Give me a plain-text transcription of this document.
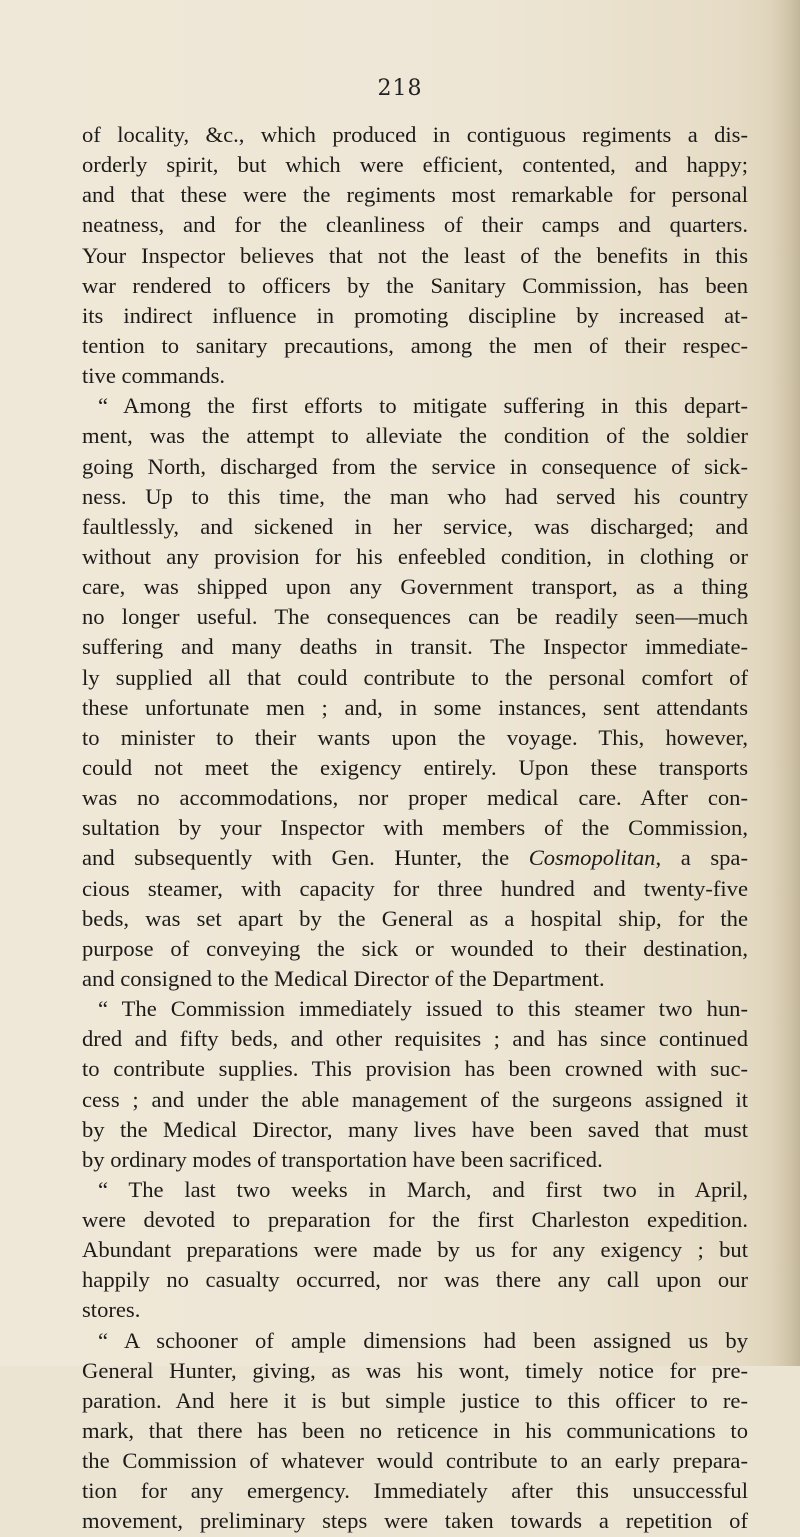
218
of locality, &c., which produced in contiguous regiments a dis-
orderly spirit, but which were efficient, contented, and happy;
and that these were the regiments most remarkable for personal
neatness, and for the cleanliness of their camps and quarters.
Your Inspector believes that not the least of the benefits in this
war rendered to officers by the Sanitary Commission, has been
its indirect influence in promoting discipline by increased at-
tention to sanitary precautions, among the men of their respec-
tive commands.
“ Among the first efforts to mitigate suffering in this depart-
ment, was the attempt to alleviate the condition of the soldier
going North, discharged from the service in consequence of sick-
ness. Up to this time, the man who had served his country
faultlessly, and sickened in her service, was discharged; and
without any provision for his enfeebled condition, in clothing or
care, was shipped upon any Government transport, as a thing
no longer useful. The consequences can be readily seen—much
suffering and many deaths in transit. The Inspector immediate-
ly supplied all that could contribute to the personal comfort of
these unfortunate men ; and, in some instances, sent attendants
to minister to their wants upon the voyage. This, however,
could not meet the exigency entirely. Upon these transports
was no accommodations, nor proper medical care. After con-
sultation by your Inspector with members of the Commission,
and subsequently with Gen. Hunter, the Cosmopolitan, a spa-
cious steamer, with capacity for three hundred and twenty-five
beds, was set apart by the General as a hospital ship, for the
purpose of conveying the sick or wounded to their destination,
and consigned to the Medical Director of the Department.
“ The Commission immediately issued to this steamer two hun-
dred and fifty beds, and other requisites ; and has since continued
to contribute supplies. This provision has been crowned with suc-
cess ; and under the able management of the surgeons assigned it
by the Medical Director, many lives have been saved that must
by ordinary modes of transportation have been sacrificed.
“ The last two weeks in March, and first two in April,
were devoted to preparation for the first Charleston expedition.
Abundant preparations were made by us for any exigency ; but
happily no casualty occurred, nor was there any call upon our
stores.
“ A schooner of ample dimensions had been assigned us by
General Hunter, giving, as was his wont, timely notice for pre-
paration. And here it is but simple justice to this officer to re-
mark, that there has been no reticence in his communications to
the Commission of whatever would contribute to an early prepara-
tion for any emergency. Immediately after this unsuccessful
movement, preliminary steps were taken towards a repetition of
